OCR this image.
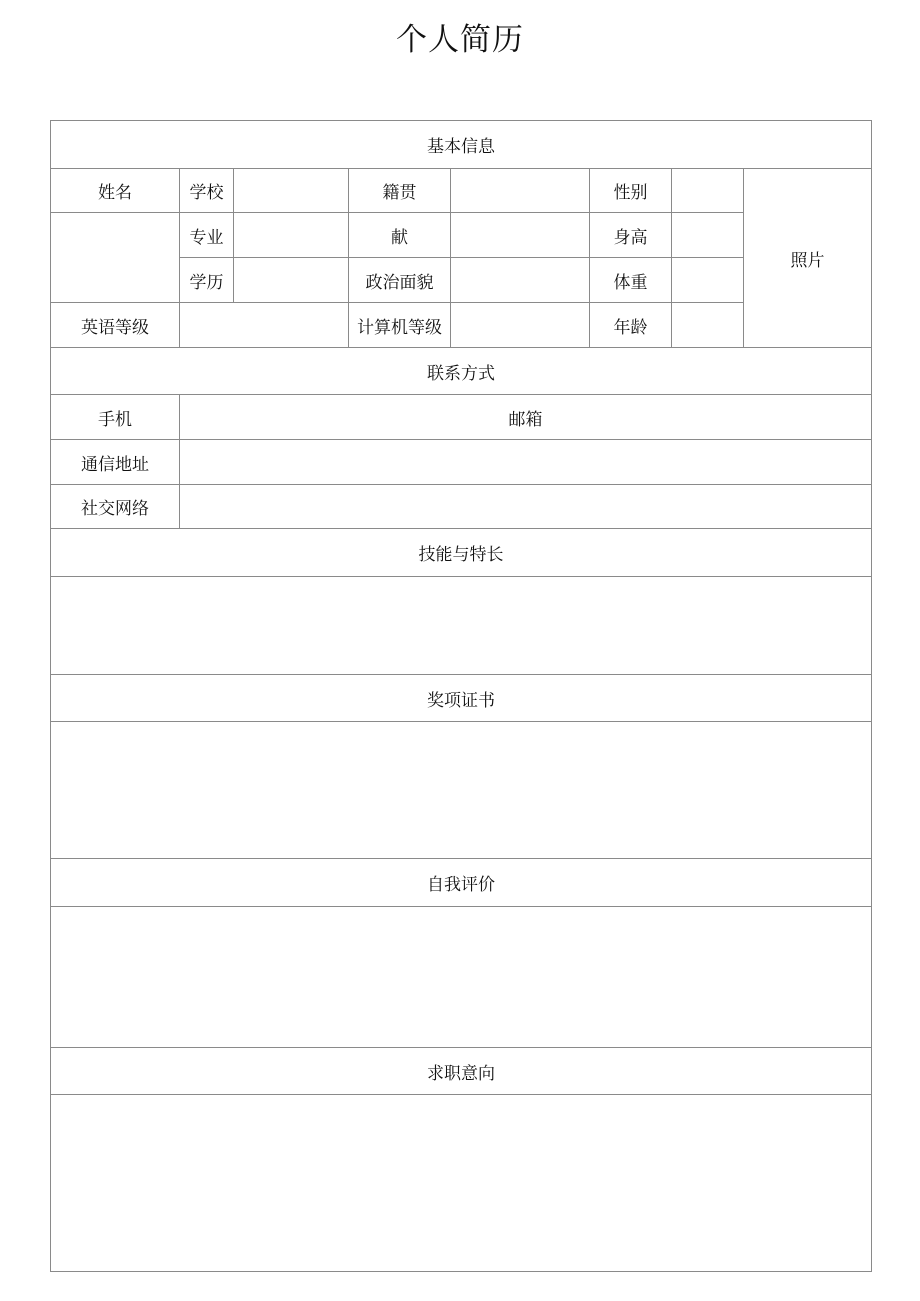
个人简历
基本信息							
姓名	学校		籍贯		性别		照片
	专业		献		身高		
	学历		政治面貌		体重		
英语等级			计算机等级		年龄		
联系方式							
手机	邮箱						
通信地址							
社交网络							
技能与特长							

奖项证书							

自我评价							

求职意向							
